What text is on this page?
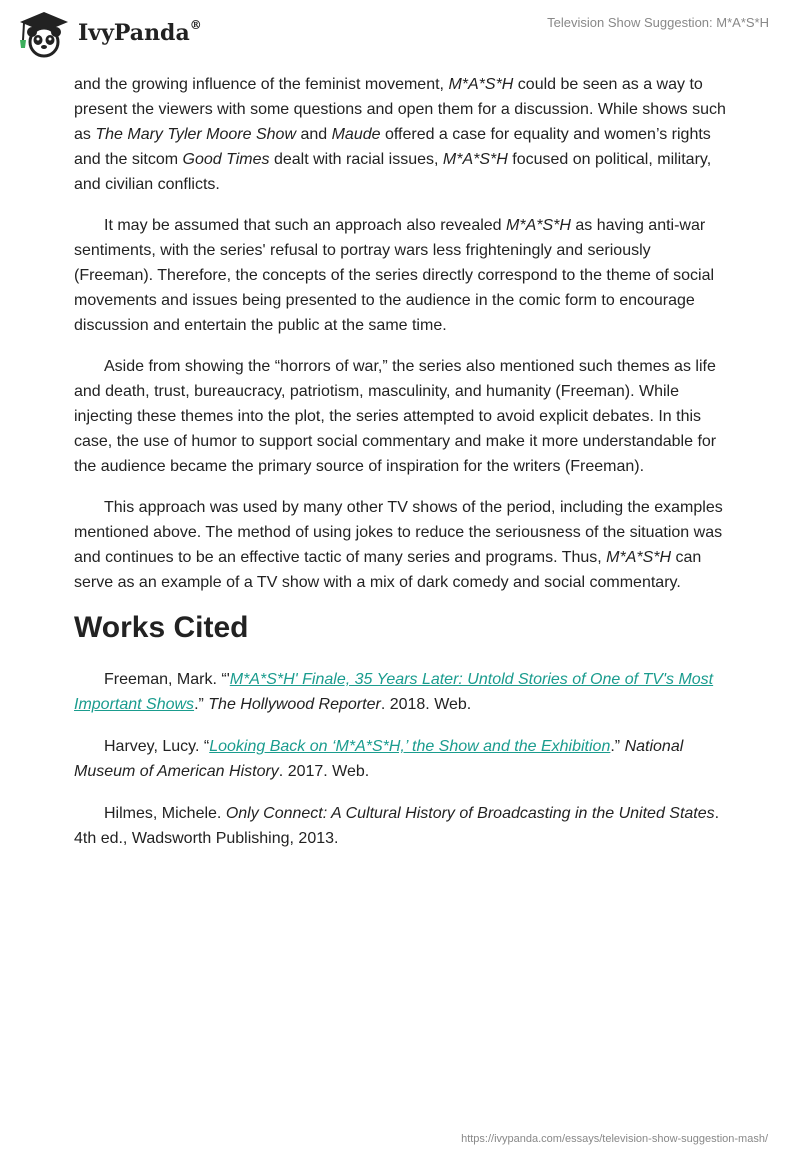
IvyPanda®	Television Show Suggestion: M*A*S*H

and the growing influence of the feminist movement, M*A*S*H could be seen as a way to present the viewers with some questions and open them for a discussion. While shows such as The Mary Tyler Moore Show and Maude offered a case for equality and women’s rights and the sitcom Good Times dealt with racial issues, M*A*S*H focused on political, military, and civilian conflicts.

It may be assumed that such an approach also revealed M*A*S*H as having anti-war sentiments, with the series' refusal to portray wars less frighteningly and seriously (Freeman). Therefore, the concepts of the series directly correspond to the theme of social movements and issues being presented to the audience in the comic form to encourage discussion and entertain the public at the same time.

Aside from showing the “horrors of war,” the series also mentioned such themes as life and death, trust, bureaucracy, patriotism, masculinity, and humanity (Freeman). While injecting these themes into the plot, the series attempted to avoid explicit debates. In this case, the use of humor to support social commentary and make it more understandable for the audience became the primary source of inspiration for the writers (Freeman).

This approach was used by many other TV shows of the period, including the examples mentioned above. The method of using jokes to reduce the seriousness of the situation was and continues to be an effective tactic of many series and programs. Thus, M*A*S*H can serve as an example of a TV show with a mix of dark comedy and social commentary.

Works Cited

Freeman, Mark. “'M*A*S*H' Finale, 35 Years Later: Untold Stories of One of TV's Most Important Shows.” The Hollywood Reporter. 2018. Web.

Harvey, Lucy. “Looking Back on ‘M*A*S*H,’ the Show and the Exhibition.” National Museum of American History. 2017. Web.

Hilmes, Michele. Only Connect: A Cultural History of Broadcasting in the United States. 4th ed., Wadsworth Publishing, 2013.

https://ivypanda.com/essays/television-show-suggestion-mash/
